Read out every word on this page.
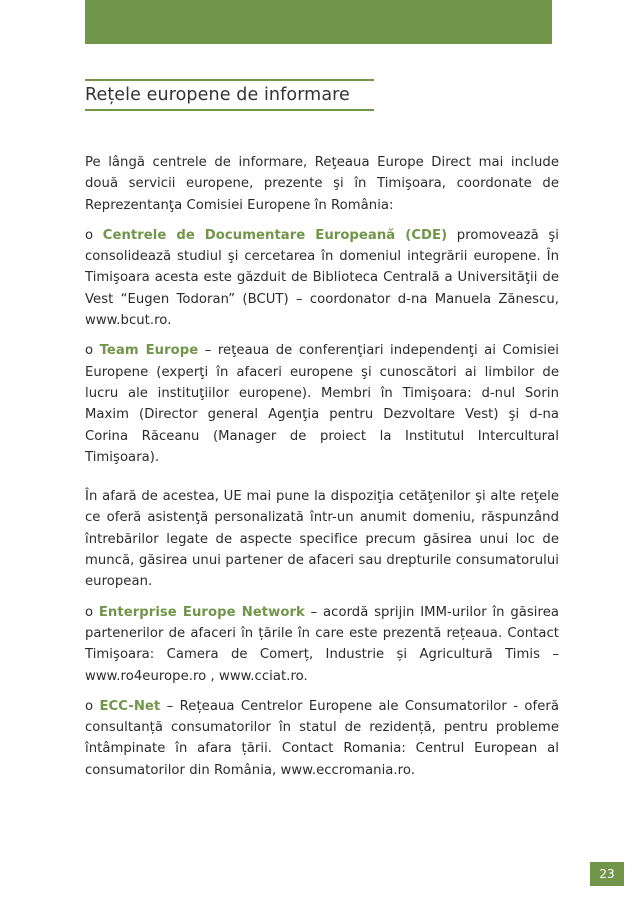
Rețele europene de informare

Pe lângă centrele de informare, Reţeaua Europe Direct mai include două servicii europene, prezente şi în Timişoara, coordonate de Reprezentanţa Comisiei Europene în România:

o Centrele de Documentare Europeană (CDE) promovează şi consolidează studiul şi cercetarea în domeniul integrării europene. În Timişoara acesta este găzduit de Biblioteca Centrală a Universităţii de Vest “Eugen Todoran” (BCUT) – coordonator d-na Manuela Zănescu, www.bcut.ro.

o Team Europe – reţeaua de conferenţiari independenţi ai Comisiei Europene (experţi în afaceri europene şi cunoscători ai limbilor de lucru ale instituţiilor europene). Membri în Timişoara: d-nul Sorin Maxim (Director general Agenţia pentru Dezvoltare Vest) şi d-na Corina Răceanu (Manager de proiect la Institutul Intercultural Timişoara).

În afară de acestea, UE mai pune la dispoziţia cetăţenilor şi alte reţele ce oferă asistenţă personalizată într-un anumit domeniu, răspunzând întrebărilor legate de aspecte specifice precum găsirea unui loc de muncă, găsirea unui partener de afaceri sau drepturile consumatorului european.

o Enterprise Europe Network – acordă sprijin IMM-urilor în găsirea partenerilor de afaceri în țările în care este prezentă rețeaua. Contact Timişoara: Camera de Comerț, Industrie și Agricultură Timis – www.ro4europe.ro , www.cciat.ro.

o ECC-Net – Rețeaua Centrelor Europene ale Consumatorilor - oferă consultanță consumatorilor în statul de rezidență, pentru probleme întâmpinate în afara țării. Contact Romania: Centrul European al consumatorilor din România, www.eccromania.ro.

23
